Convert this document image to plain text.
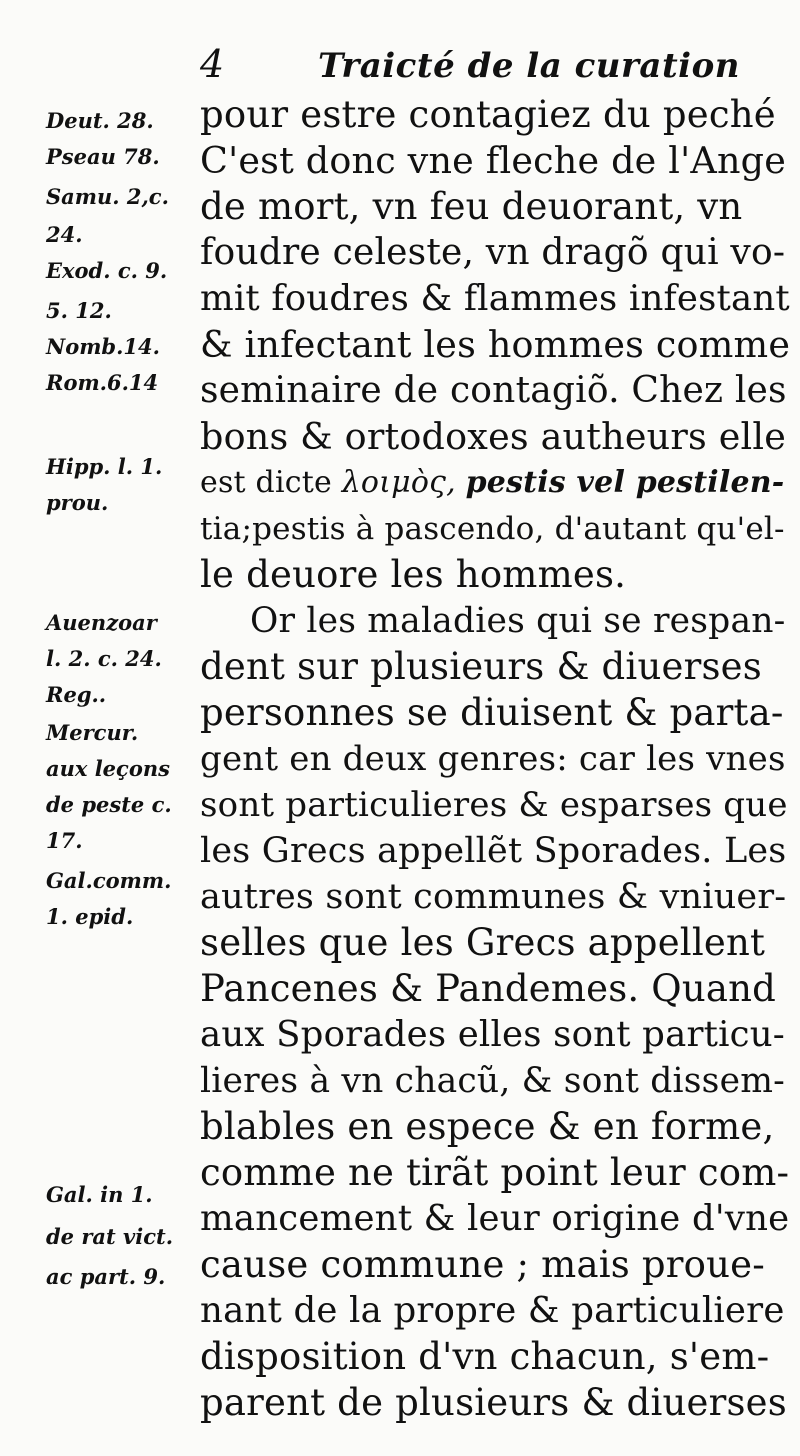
4	Traicté de la curation
Deut. 28.
Pseau 78.
Samu. 2,c.
24.
Exod. c. 9.
5. 12.
Nomb.14.
Rom.6.14
Hipp. l. 1.
prou.
Auenzoar
l. 2. c. 24.
Reg..
Mercur.
aux leçons
de peste c.
17.
Gal.comm.
1. epid.
Gal. in 1.
de rat vict.
ac part. 9.
pour estre contagiez du peché
C'est donc vne fleche de l'Ange
de mort, vn feu deuorant, vn
foudre celeste, vn dragõ qui vo-
mit foudres & flammes infestant
& infectant les hommes comme
seminaire de contagiõ. Chez les
bons & ortodoxes autheurs elle
est dicte λοιμὸς, pestis vel pestilen-
tia;pestis à pascendo, d'autant qu'el-
le deuore les hommes.
Or les maladies qui se respan-
dent sur plusieurs & diuerses
personnes se diuisent & parta-
gent en deux genres: car les vnes
sont particulieres & esparses que
les Grecs appellẽt Sporades. Les
autres sont communes & vniuer-
selles que les Grecs appellent
Pancenes & Pandemes. Quand
aux Sporades elles sont particu-
lieres à vn chacũ, & sont dissem-
blables en espece & en forme,
comme ne tirãt point leur com-
mancement & leur origine d'vne
cause commune ; mais proue-
nant de la propre & particuliere
disposition d'vn chacun, s'em-
parent de plusieurs & diuerses
